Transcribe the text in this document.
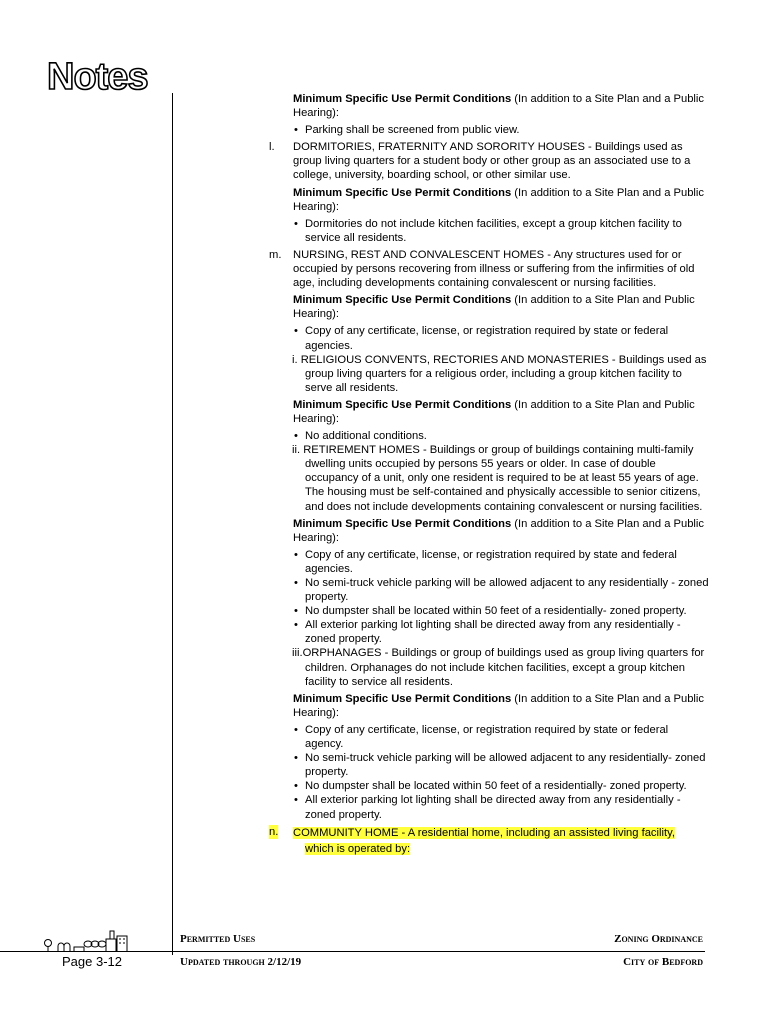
Notes

Minimum Specific Use Permit Conditions (In addition to a Site Plan and a Public Hearing):

• Parking shall be screened from public view.

l. DORMITORIES, FRATERNITY AND SORORITY HOUSES - Buildings used as group living quarters for a student body or other group as an associated use to a college, university, boarding school, or other similar use.

Minimum Specific Use Permit Conditions (In addition to a Site Plan and a Public Hearing):

• Dormitories do not include kitchen facilities, except a group kitchen facility to service all residents.

m. NURSING, REST AND CONVALESCENT HOMES - Any structures used for or occupied by persons recovering from illness or suffering from the infirmities of old age, including developments containing convalescent or nursing facilities.

Minimum Specific Use Permit Conditions (In addition to a Site Plan and Public Hearing):

• Copy of any certificate, license, or registration required by state or federal agencies.

i. RELIGIOUS CONVENTS, RECTORIES AND MONASTERIES - Buildings used as group living quarters for a religious order, including a group kitchen facility to serve all residents.

Minimum Specific Use Permit Conditions (In addition to a Site Plan and Public Hearing):

• No additional conditions.

ii. RETIREMENT HOMES - Buildings or group of buildings containing multi-family dwelling units occupied by persons 55 years or older. In case of double occupancy of a unit, only one resident is required to be at least 55 years of age. The housing must be self-contained and physically accessible to senior citizens, and does not include developments containing convalescent or nursing facilities.

Minimum Specific Use Permit Conditions (In addition to a Site Plan and a Public Hearing):

• Copy of any certificate, license, or registration required by state and federal agencies.

• No semi-truck vehicle parking will be allowed adjacent to any residentially - zoned property.

• No dumpster shall be located within 50 feet of a residentially- zoned property.

• All exterior parking lot lighting shall be directed away from any residentially - zoned property.

iii.ORPHANAGES - Buildings or group of buildings used as group living quarters for children. Orphanages do not include kitchen facilities, except a group kitchen facility to service all residents.

Minimum Specific Use Permit Conditions (In addition to a Site Plan and a Public Hearing):

• Copy of any certificate, license, or registration required by state or federal agency.

• No semi-truck vehicle parking will be allowed adjacent to any residentially- zoned property.

• No dumpster shall be located within 50 feet of a residentially- zoned property.

• All exterior parking lot lighting shall be directed away from any residentially - zoned property.

n. COMMUNITY HOME - A residential home, including an assisted living facility,

which is operated by:

Permitted Uses	Zoning Ordinance
Updated through 2/12/19	City of Bedford
Page 3-12
